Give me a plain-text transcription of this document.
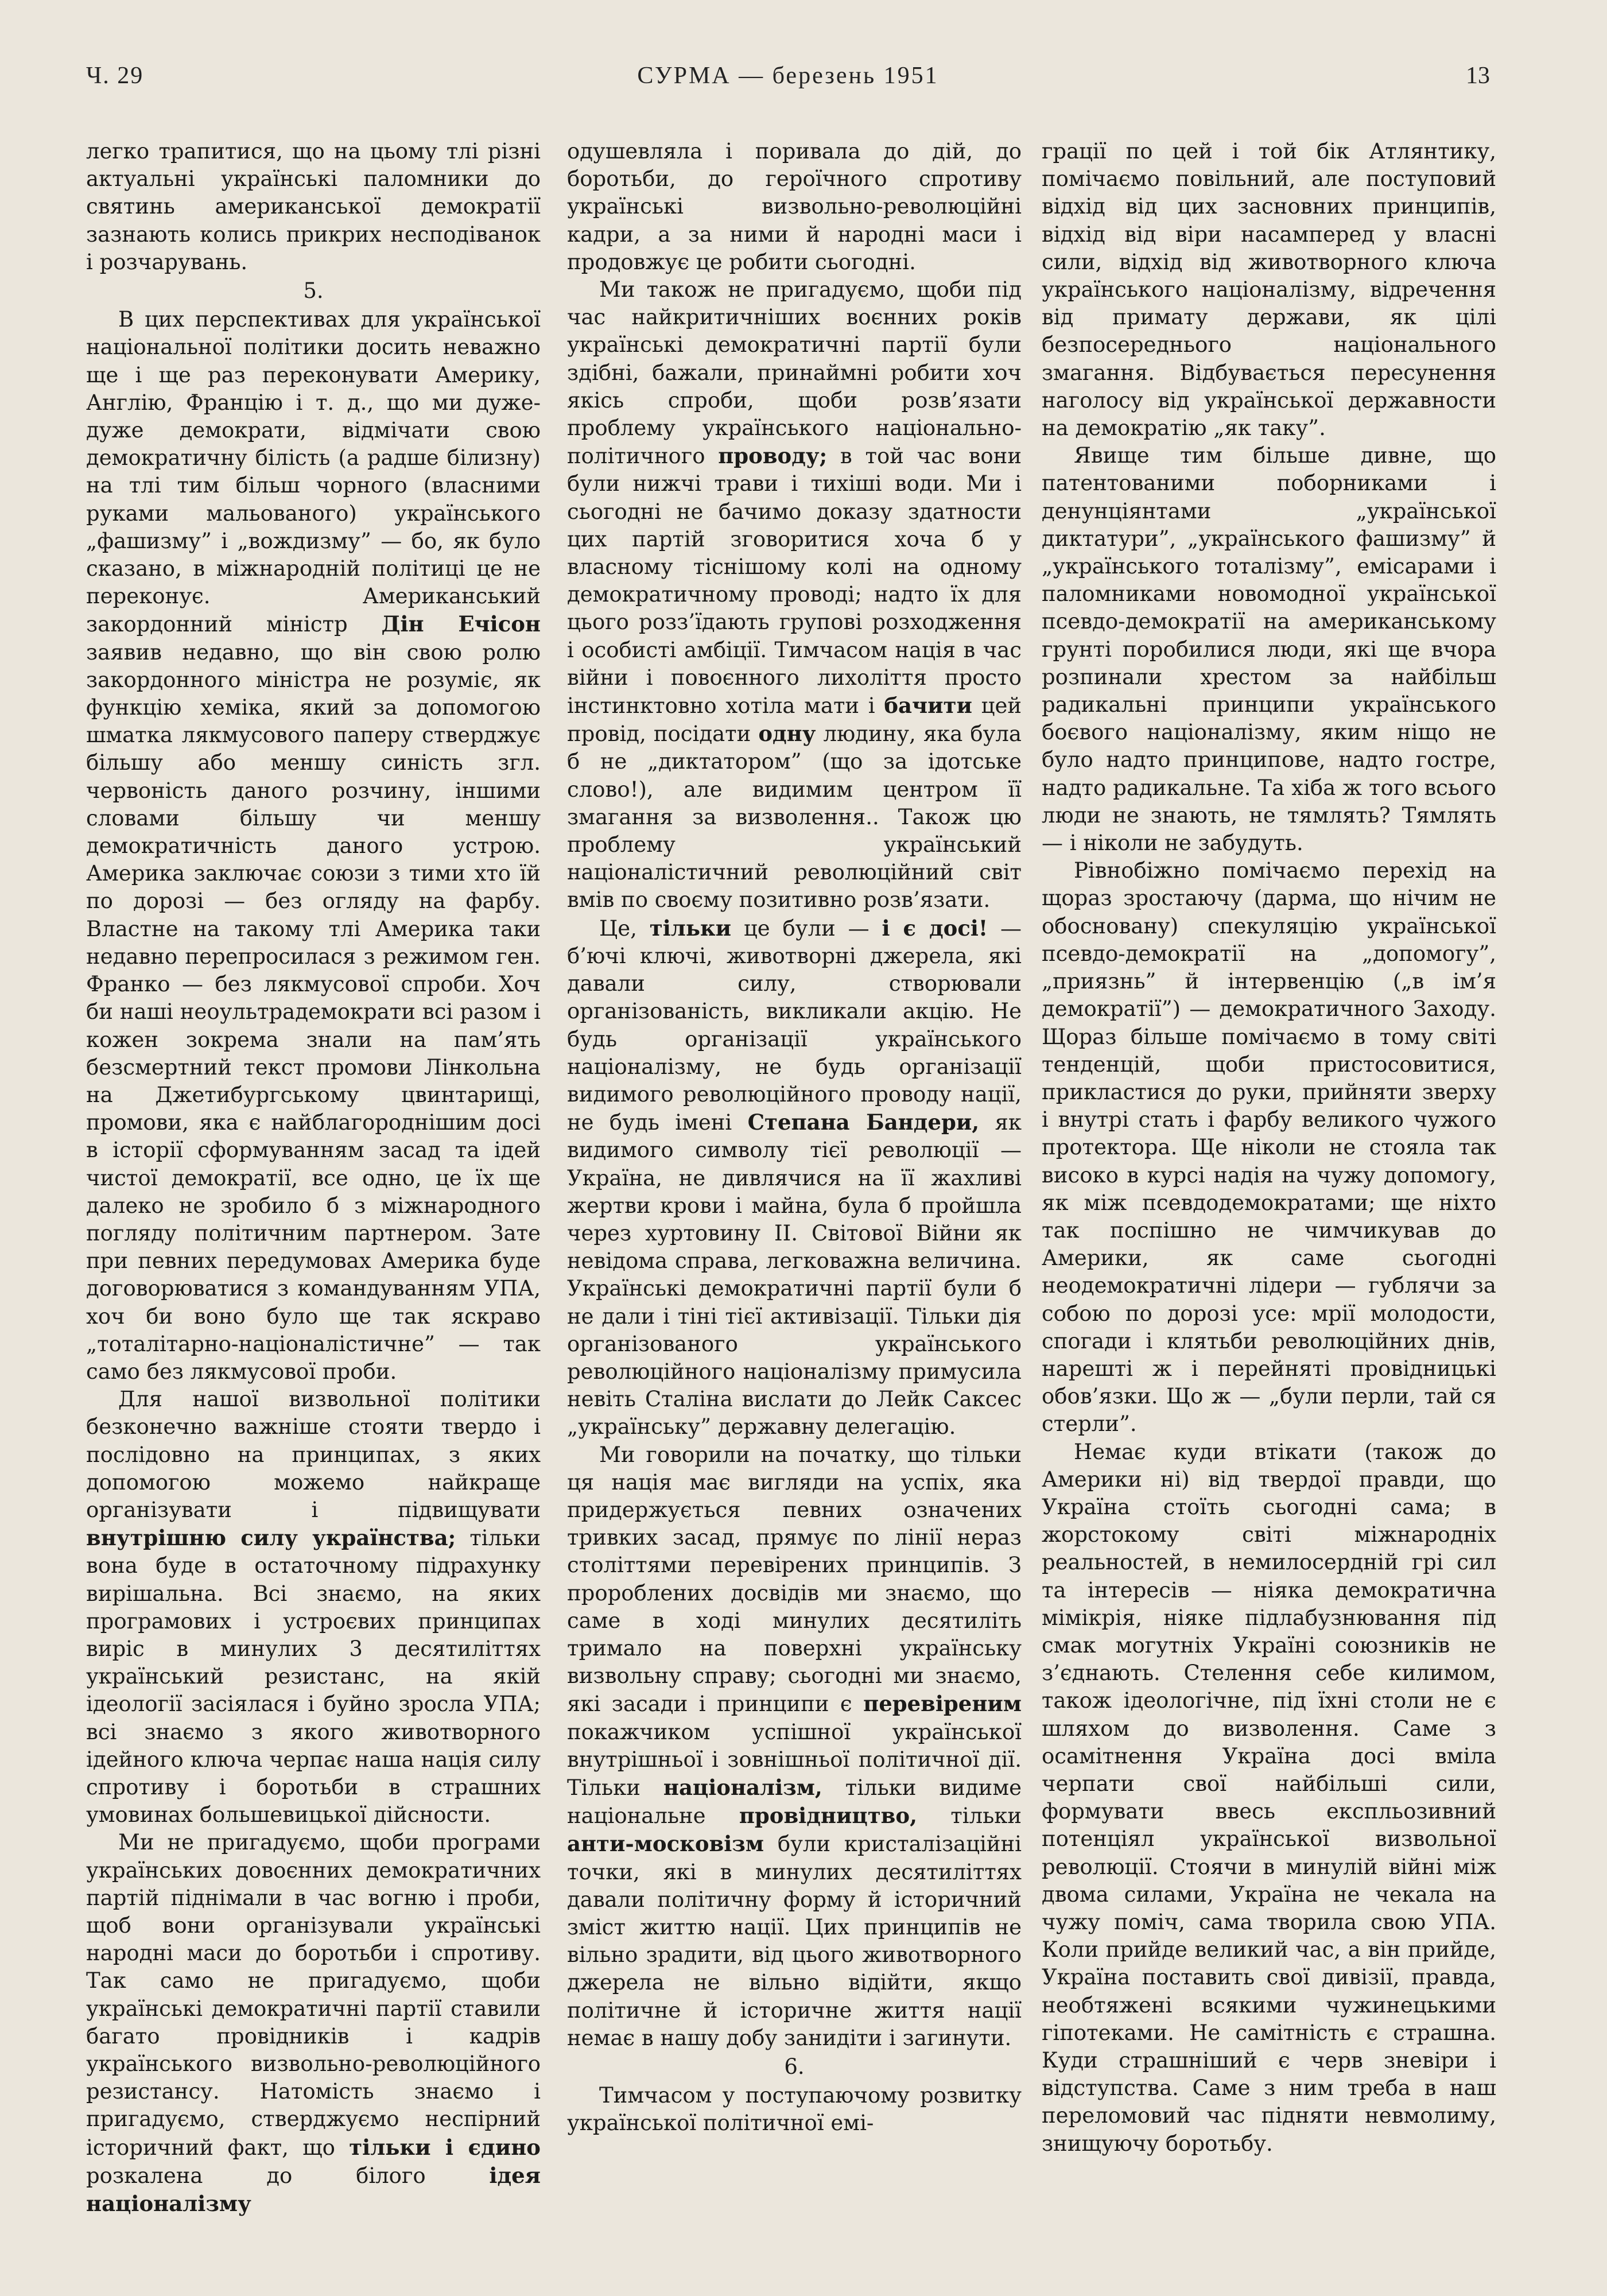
Ч. 29	СУРМА — березень 1951	13

легко трапитися, що на цьому тлі різні актуальні українські паломники до святинь американської демократії зазнають колись прикрих несподіванок і розчарувань.

5.

В цих перспективах для української національної політики досить неважно ще і ще раз переконувати Америку, Англію, Францію і т. д., що ми дуже-дуже демократи, відмічати свою демократичну білість (а радше білизну) на тлі тим більш чорного (власними руками мальованого) українського „фашизму” і „вождизму” — бо, як було сказано, в міжнародній політиці це не переконує. Американський закордонний міністр Дін Ечісон заявив недавно, що він свою ролю закордонного міністра не розуміє, як функцію хеміка, який за допомогою шматка лякмусового паперу стверджує більшу або меншу синість згл. червоність даного розчину, іншими словами більшу чи меншу демократичність даного устрою. Америка заключає союзи з тими хто їй по дорозі — без огляду на фарбу. Властне на такому тлі Америка таки недавно перепросилася з режимом ген. Франко — без лякмусової спроби. Хоч би наші неоультрадемократи всі разом і кожен зокрема знали на пам’ять безсмертний текст промови Лінкольна на Джетибургському цвинтарищі, промови, яка є найблагороднішим досі в історії сформуванням засад та ідей чистої демократії, все одно, це їх ще далеко не зробило б з міжнародного погляду політичним партнером. Зате при певних передумовах Америка буде договорюватися з командуванням УПА, хоч би воно було ще так яскраво „тоталітарно-націоналістичне” — так само без лякмусової проби.

Для нашої визвольної політики безконечно важніше стояти твердо і послідовно на принципах, з яких допомогою можемо найкраще організувати і підвищувати внутрішню силу українства; тільки вона буде в остаточному підрахунку вирішальна. Всі знаємо, на яких програмових і устроєвих принципах виріс в минулих 3 десятиліттях український резистанс, на якій ідеології засіялася і буйно зросла УПА; всі знаємо з якого животворного ідейного ключа черпає наша нація силу спротиву і боротьби в страшних умовинах большевицької дійсности.

Ми не пригадуємо, щоби програми українських довоєнних демократичних партій піднімали в час вогню і проби, щоб вони організували українські народні маси до боротьби і спротиву. Так само не пригадуємо, щоби українські демократичні партії ставили багато провідників і кадрів українського визвольно-революційного резистансу. Натомість знаємо і пригадуємо, стверджуємо неспірний історичний факт, що тільки і єдино розкалена до білого ідея націоналізму

одушевляла і поривала до дій, до боротьби, до героїчного спротиву українські визвольно-революційні кадри, а за ними й народні маси і продовжує це робити сьогодні.

Ми також не пригадуємо, щоби під час найкритичніших воєнних років українські демократичні партії були здібні, бажали, принаймні робити хоч якісь спроби, щоби розв’язати проблему українського національно-політичного проводу; в той час вони були нижчі трави і тихіші води. Ми і сьогодні не бачимо доказу здатности цих партій зговоритися хоча б у власному тіснішому колі на одному демократичному проводі; надто їх для цього розз’їдають групові розходження і особисті амбіції. Тимчасом нація в час війни і повоєнного лихоліття просто інстинктовно хотіла мати і бачити цей провід, посідати одну людину, яка була б не „диктатором” (що за ідотське слово!), але видимим центром її змагання за визволення.. Також цю проблему український націоналістичний революційний світ вмів по своєму позитивно розв’язати.

Це, тільки це були — і є досі! — б’ючі ключі, животворні джерела, які давали силу, створювали організованість, викликали акцію. Не будь організації українського націоналізму, не будь організації видимого революційного проводу нації, не будь імені Степана Бандери, як видимого символу тієї революції — Україна, не дивлячися на її жахливі жертви крови і майна, була б пройшла через хуртовину II. Світової Війни як невідома справа, легковажна величина. Українські демократичні партії були б не дали і тіні тієї активізації. Тільки дія організованого українського революційного націоналізму примусила невіть Сталіна вислати до Лейк Саксес „українську” державну делегацію.

Ми говорили на початку, що тільки ця нація має вигляди на успіх, яка придержується певних означених тривких засад, прямує по лінії нераз століттями перевірених принципів. З пророблених досвідів ми знаємо, що саме в ході минулих десятиліть тримало на поверхні українську визвольну справу; сьогодні ми знаємо, які засади і принципи є перевіреним покажчиком успішної української внутрішньої і зовнішньої політичної дії. Тільки націоналізм, тільки видиме національне провідництво, тільки анти-московізм були кристалізаційні точки, які в минулих десятиліттях давали політичну форму й історичний зміст життю нації. Цих принципів не вільно зрадити, від цього животворного джерела не вільно відійти, якщо політичне й історичне життя нації немає в нашу добу занидіти і загинути.

6.

Тимчасом у поступаючому розвитку української політичної емі-

грації по цей і той бік Атлянтику, помічаємо повільний, але поступовий відхід від цих засновних принципів, відхід від віри насамперед у власні сили, відхід від животворного ключа українського націоналізму, відречення від примату держави, як цілі безпосереднього національного змагання. Відбувається пересунення наголосу від української державности на демократію „як таку”.

Явище тим більше дивне, що патентованими поборниками і денунціянтами „української диктатури”, „українського фашизму” й „українського тоталізму”, емісарами і паломниками новомодної української псевдо-демократії на американському грунті поробилися люди, які ще вчора розпинали хрестом за найбільш радикальні принципи українського боєвого націоналізму, яким ніщо не було надто принципове, надто гостре, надто радикальне. Та хіба ж того всього люди не знають, не тямлять? Тямлять — і ніколи не забудуть.

Рівнобіжно помічаємо перехід на щораз зростаючу (дарма, що нічим не обосновану) спекуляцію української псевдо-демократії на „допомогу”, „приязнь” й інтервенцію („в ім’я демократії”) — демократичного Заходу. Щораз більше помічаємо в тому світі тенденцій, щоби пристосовитися, прикластися до руки, прийняти зверху і внутрі стать і фарбу великого чужого протектора. Ще ніколи не стояла так високо в курсі надія на чужу допомогу, як між псевдодемократами; ще ніхто так поспішно не чимчикував до Америки, як саме сьогодні неодемократичні лідери — гублячи за собою по дорозі усе: мрії молодости, спогади і клятьби революційних днів, нарешті ж і перейняті провідницькі обов’язки. Що ж — „були перли, тай ся стерли”.

Немає куди втікати (також до Америки ні) від твердої правди, що Україна стоїть сьогодні сама; в жорстокому світі міжнародніх реальностей, в немилосердній грі сил та інтересів — ніяка демократична мімікрія, ніяке підлабузнювання під смак могутніх Україні союзників не з’єднають. Стелення себе килимом, також ідеологічне, під їхні столи не є шляхом до визволення. Саме з осамітнення Україна досі вміла черпати свої найбільші сили, формувати ввесь експльозивний потенціял української визвольної революції. Стоячи в минулій війні між двома силами, Україна не чекала на чужу поміч, сама творила свою УПА. Коли прийде великий час, а він прийде, Україна поставить свої дивізії, правда, необтяжені всякими чужинецькими гіпотеками. Не самітність є страшна. Куди страшніший є черв зневіри і відступства. Саме з ним треба в наш переломовий час підняти невмолиму, знищуючу боротьбу.
